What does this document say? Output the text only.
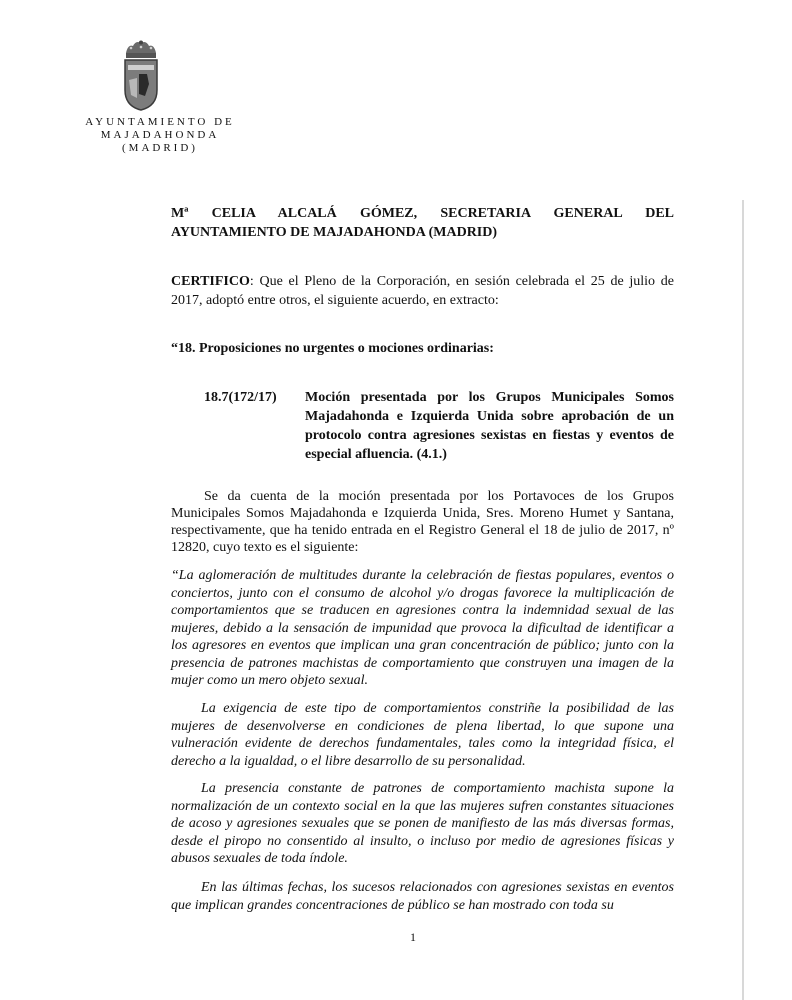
AYUNTAMIENTO DE
MAJADAHONDA
(MADRID)
Mª CELIA ALCALÁ GÓMEZ, SECRETARIA GENERAL DEL
AYUNTAMIENTO DE MAJADAHONDA (MADRID)
CERTIFICO: Que el Pleno de la Corporación, en sesión celebrada el 25 de julio de 2017, adoptó entre otros, el siguiente acuerdo, en extracto:
“18. Proposiciones no urgentes o mociones ordinarias:
18.7(172/17) Moción presentada por los Grupos Municipales Somos Majadahonda e Izquierda Unida sobre aprobación de un protocolo contra agresiones sexistas en fiestas y eventos de especial afluencia. (4.1.)
Se da cuenta de la moción presentada por los Portavoces de los Grupos Municipales Somos Majadahonda e Izquierda Unida, Sres. Moreno Humet y Santana, respectivamente, que ha tenido entrada en el Registro General el 18 de julio de 2017, nº 12820, cuyo texto es el siguiente:
“La aglomeración de multitudes durante la celebración de fiestas populares, eventos o conciertos, junto con el consumo de alcohol y/o drogas favorece la multiplicación de comportamientos que se traducen en agresiones contra la indemnidad sexual de las mujeres, debido a la sensación de impunidad que provoca la dificultad de identificar a los agresores en eventos que implican una gran concentración de público; junto con la presencia de patrones machistas de comportamiento que construyen una imagen de la mujer como un mero objeto sexual.
La exigencia de este tipo de comportamientos constriñe la posibilidad de las mujeres de desenvolverse en condiciones de plena libertad, lo que supone una vulneración evidente de derechos fundamentales, tales como la integridad física, el derecho a la igualdad, o el libre desarrollo de su personalidad.
La presencia constante de patrones de comportamiento machista supone la normalización de un contexto social en la que las mujeres sufren constantes situaciones de acoso y agresiones sexuales que se ponen de manifiesto de las más diversas formas, desde el piropo no consentido al insulto, o incluso por medio de agresiones físicas y abusos sexuales de toda índole.
En las últimas fechas, los sucesos relacionados con agresiones sexistas en eventos que implican grandes concentraciones de público se han mostrado con toda su
1
